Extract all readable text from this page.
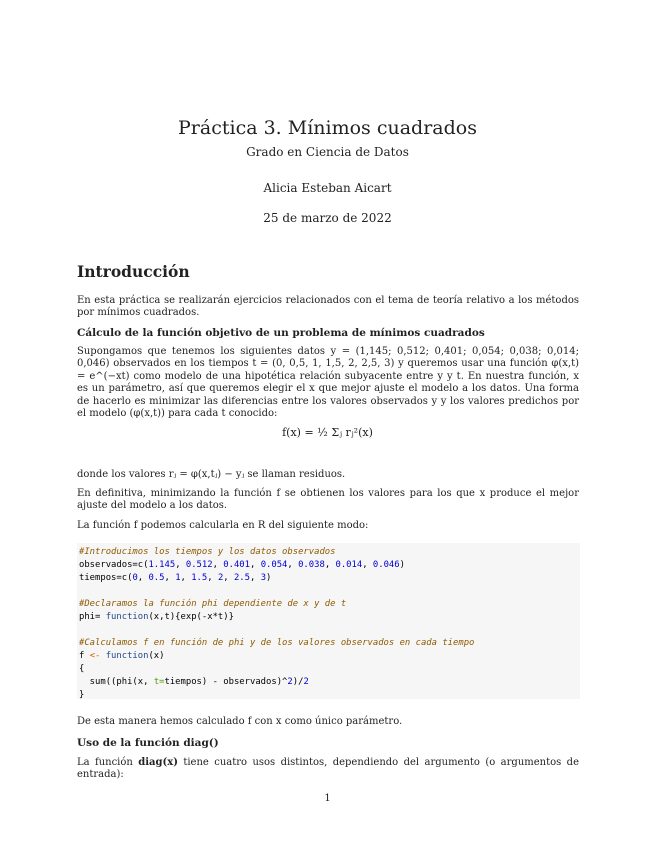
Práctica 3. Mínimos cuadrados
Grado en Ciencia de Datos
Alicia Esteban Aicart
25 de marzo de 2022
Introducción

En esta práctica se realizarán ejercicios relacionados con el tema de teoría relativo a los métodos por mínimos cuadrados.

Cálculo de la función objetivo de un problema de mínimos cuadrados

Supongamos que tenemos los siguientes datos y = (1,145; 0,512; 0,401; 0,054; 0,038; 0,014; 0,046) observados en los tiempos t = (0, 0,5, 1, 1,5, 2, 2,5, 3) y queremos usar una función φ(x,t) = e^(−xt) como modelo de una hipotética relación subyacente entre y y t. En nuestra función, x es un parámetro, así que queremos elegir el x que mejor ajuste el modelo a los datos. Una forma de hacerlo es minimizar las diferencias entre los valores observados y y los valores predichos por el modelo (φ(x,t)) para cada t conocido:

f(x) = ½ Σⱼ rⱼ²(x)

donde los valores rⱼ = φ(x,tⱼ) − yⱼ se llaman residuos.

En definitiva, minimizando la función f se obtienen los valores para los que x produce el mejor ajuste del modelo a los datos.

La función f podemos calcularla en R del siguiente modo:

#Introducimos los tiempos y los datos observados
observados=c(1.145, 0.512, 0.401, 0.054, 0.038, 0.014, 0.046)
tiempos=c(0, 0.5, 1, 1.5, 2, 2.5, 3)

#Declaramos la función phi dependiente de x y de t
phi= function(x,t){exp(-x*t)}

#Calculamos f en función de phi y de los valores observados en cada tiempo
f <- function(x)
{
sum((phi(x, t=tiempos) - observados)^2)/2
}

De esta manera hemos calculado f con x como único parámetro.

Uso de la función diag()

La función diag(x) tiene cuatro usos distintos, dependiendo del argumento (o argumentos de entrada):

1
